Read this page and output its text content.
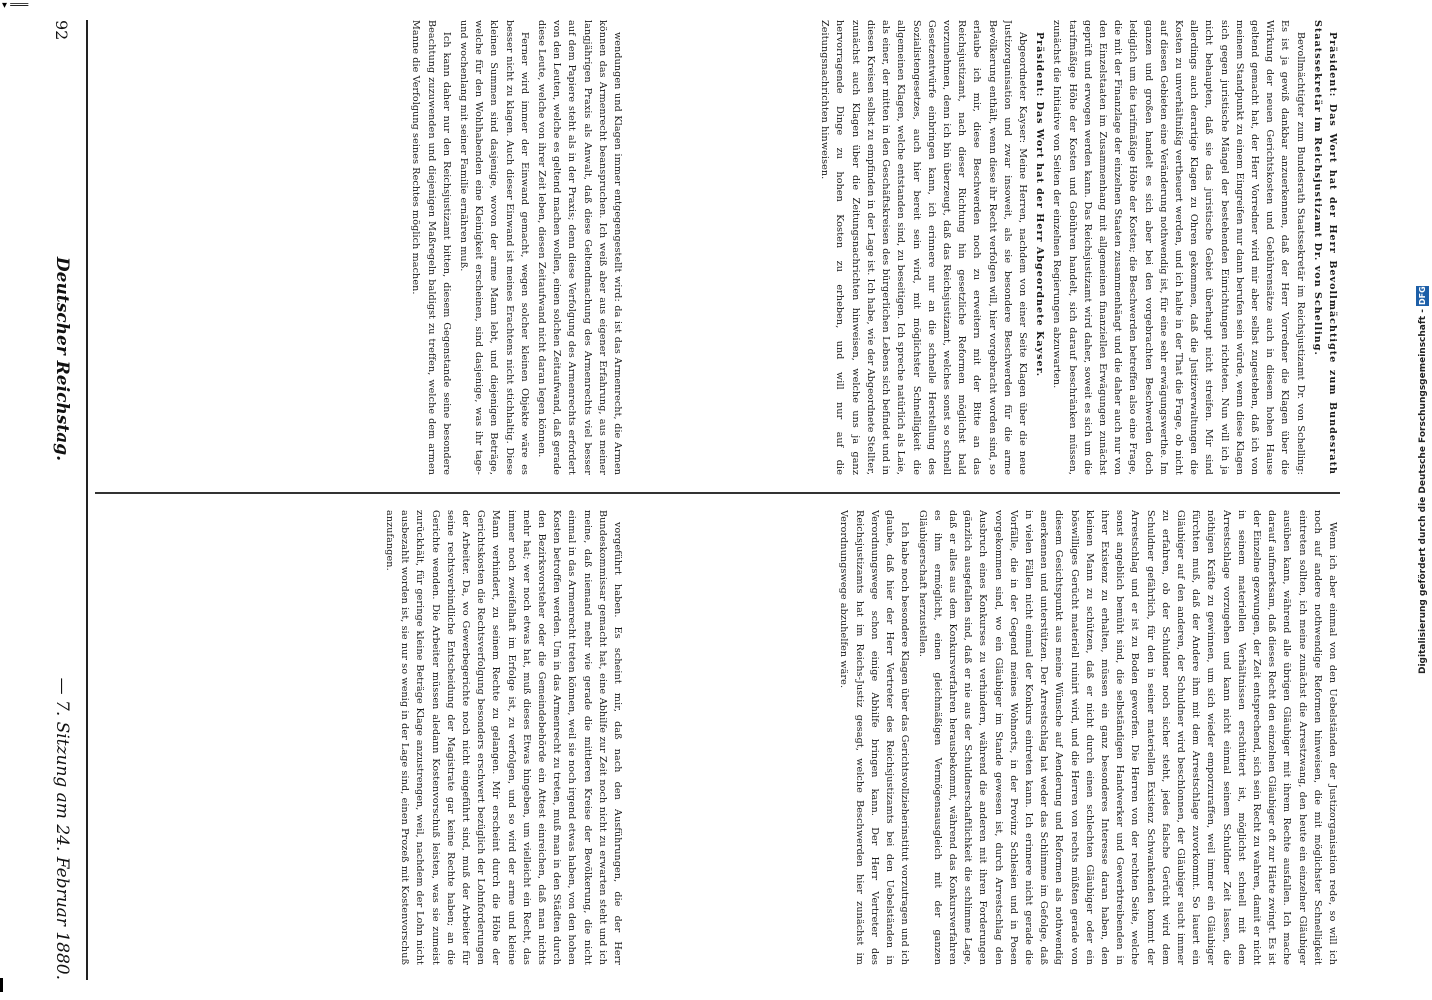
▾ ═══
92
Deutscher Reichstag.
— 7. Sitzung am 24. Februar 1880.

wendungen und Klagen immer entgegengestellt wird: da ist das Armenrecht, die Armen können das Armenrecht beanspruchen. Ich weiß aber aus eigener Erfahrung, aus meiner langjährigen Praxis als Anwalt, daß diese Geltendmachung des Armenrechts viel besser auf dem Papiere steht als in der Praxis; denn diese Verfolgung des Armenrechts erfordert von den Leuten, welche es geltend machen wollen, einen solchen Zeitaufwand, daß gerade diese Leute, welche von ihrer Zeit leben, diesen Zeitaufwand nicht daran legen können.

Ferner wird immer der Einwand gemacht, wegen solcher kleinen Objekte wäre es besser nicht zu klagen. Auch dieser Einwand ist meines Erachtens nicht stichhaltig. Diese kleinen Summen sind dasjenige, wovon der arme Mann lebt, und diejenigen Beträge, welche für den Wohlhabenden eine Kleinigkeit erscheinen, sind dasjenige, was ihr tage- und wochenlang mit seiner Familie ernähren muß.

Ich kann daher nur den Reichsjustizamt bitten, diesem Gegenstande seine besondere Beachtung zuzuwenden und diejenigen Maßregeln baldigst zu treffen, welche dem armen Manne die Verfolgung seines Rechtes möglich machen.	Präsident: Das Wort hat der Herr Bevollmächtigte zum Bundesrath Staatssekretär im Reichsjustizamt Dr. von Schelling.

Bevollmächtigter zum Bundesrath Staatssekretär im Reichsjustizamt Dr. von Schelling: Es ist ja gewiß dankbar anzuerkennen, daß der Herr Vorredner die Klagen über die Wirkung der neuen Gerichtskosten und Gebührensätze auch in diesem hohen Hause geltend gemacht hat, der Herr Vorredner wird mir aber selbst zugestehen, daß ich von meinem Standpunkt zu einem Eingreifen nur dann berufen sein würde, wenn diese Klagen sich gegen juristische Mängel der bestehenden Einrichtungen richteten. Nun will ich ja nicht behaupten, daß sie das juristische Gebiet überhaupt nicht streifen. Mir sind allerdings auch derartige Klagen zu Ohren gekommen, daß die Justizverwaltungen die Kosten zu unverhältnißig vertheuert werden, und ich halte in der That die Frage, ob nicht auf diesen Gebieten eine Veränderung nothwendig ist, für eine sehr erwägungswerthe. Im ganzen und großen handelt es sich aber bei den vorgebrachten Beschwerden doch lediglich um die tarifmäßige Höhe der Kosten; die Beschwerden betreffen also eine Frage, die mit der Finanzlage der einzelnen Staaten zusammenhängt und die daher auch nur von den Einzelstaaten im Zusammenhang mit allgemeinen finanziellen Erwägungen zunächst geprüft und erwogen werden kann. Das Reichsjustizamt wird daher, soweit es sich um die tarifmäßige Höhe der Kosten und Gebühren handelt, sich darauf beschränken müssen, zunächst die Initiative von Seiten der einzelnen Regierungen abzuwarten.

Präsident: Das Wort hat der Herr Abgeordnete Kayser.

Abgeordneter Kayser: Meine Herren, nachdem von einer Seite Klagen über die neue Justizorganisation und zwar insoweit, als sie besondere Beschwerden für die arme Bevölkerung enthält, wenn diese ihr Recht verfolgen will, hier vorgebracht worden sind, so erlaube ich mir, diese Beschwerden noch zu erweitern mit der Bitte an das Reichsjustizamt, nach dieser Richtung hin gesetzliche Reformen möglichst bald vorzunehmen, denn ich bin überzeugt, daß das Reichsjustizamt, welches sonst so schnell Gesetzentwürfe einbringen kann, ich erinnere nur an die schnelle Herstellung des Sozialistengesetzes, auch hier bereit sein wird, mit möglichster Schnelligkeit die allgemeinen Klagen, welche entstanden sind, zu beseitigen. Ich spreche natürlich als Laie, als einer, der mitten in den Geschäftskreisen des bürgerlichen Lebens sich befindet und in diesen Kreisen selbst zu empfinden in der Lage ist. Ich habe, wie der Abgeordnete Stellter, zunächst auch Klagen über die Zeitungsnachrichten hinweisen, welche uns ja ganz hervorragende Dinge zu hohen Kosten zu erheben, und will nur auf die Zeitungsnachrichten hinweisen.

vorgeführt haben. Es scheint mir, daß nach den Ausführungen, die der Herr Bundeskommissar gemacht hat, eine Abhilfe zur Zeit noch nicht zu erwarten steht und ich meine, daß niemand mehr wie gerade die mittleren Kreise der Bevölkerung, die nicht einmal in das Armenrecht treten können, weil sie noch irgend etwas haben, von den hohen Kosten betroffen werden. Um in das Armenrecht zu treten, muß man in den Städten durch den Bezirksvorsteher oder die Gemeindebehörde ein Attest einreichen, daß man nichts mehr hat; wer noch etwas hat, muß dieses Etwas hingeben, um vielleicht ein Recht, das immer noch zweifelhaft im Erfolge ist, zu verfolgen, und so wird der arme und kleine Mann verhindert, zu seinem Rechte zu gelangen. Mir erscheint durch die Höhe der Gerichtskosten die Rechtsverfolgung besonders erschwert bezüglich der Lohnforderungen der Arbeiter. Da, wo Gewerbegerichte noch nicht eingeführt sind, muß der Arbeiter für seine rechtsverbindliche Entscheidung der Magistrate gar keine Rechte haben; an die Gerichte wenden. Die Arbeiter müssen aledann Kostenvorschuß leisten, was sie zumeist zurückhält, für geringe kleine Beträge Klage anzustrengen, weil, nachdem der Lohn nicht ausbezahlt worden ist, sie nur so wenig in der Lage sind, einen Prozeß mit Kostenvorschuß anzufangen.	Wenn ich aber einmal von den Uebelständen der Justizorganisation rede, so will ich noch auf andere nothwendige Reformen hinweisen, die mit möglichster Schnelligkeit eintreten sollten, ich meine zunächst die Arrestzwang, den heute ein einzelner Gläubiger ausüben kann, während alle übrigen Gläubiger mit ihrem Rechte ausfallen. Ich mache darauf aufmerksam, daß dieses Recht den einzelnen Gläubiger oft zur Härte zwingt. Es ist der Einzelne gezwungen, der Zeit entsprechend, sich sein Recht zu wahren, damit er nicht in seinem materiellen Verhältnissen erschüttert ist, möglichst schnell mit dem Arrestschlage vorzugehen und kann nicht einmal seinem Schuldner Zeit lassen, die nöthigen Kräfte zu gewinnen, um sich wieder emporzuraffen, weil immer ein Gläubiger fürchten muß, daß der Andere ihm mit dem Arrestschlage zuvorkommt. So lauert ein Gläubiger auf den anderen, der Schuldner wird beschlonnen, der Gläubiger sucht immer zu erfahren, ob der Schuldner noch sicher steht, jedes falsche Gerücht wird dem Schuldner gefährlich, für den in seiner materiellen Existenz Schwankenden kommt der Arrestschlag und er ist zu Boden geworfen. Die Herren von der rechten Seite, welche sonst angeblich bemüht sind, die selbständigen Handwerker und Gewerbtreibenden in ihrer Existenz zu erhalten, müssen ein ganz besonderes Interesse daran haben, den kleinen Mann zu schützen, daß er nicht durch einen schlechten Gläubiger oder ein böswilliges Gerücht materiell ruinirt wird, und die Herren von rechts müßten gerade von diesem Gesichtspunkt aus meine Wünsche auf Aenderung und Reformen als nothwendig anerkennen und unterstützen. Der Arrestschlag hat weder das Schlimme im Gefolge, daß in vielen Fällen nicht einmal der Konkurs eintreten kann. Ich erinnere nicht gerade die Vorfälle, die in der Gegend meines Wohnorts, in der Provinz Schlesien und in Posen vorgekommen sind, wo ein Gläubiger im Stande gewesen ist, durch Arrestschlag den Ausbruch eines Konkurses zu verhindern, während die anderen mit ihren Forderungen gänzlich ausgefallen sind, daß er nie aus der Schuldnerschaftlichkeit die schlimme Lage, daß er alles aus dem Konkursverfahren herausbekommt, während das Konkursverfahren es ihm ermöglicht, einen gleichmäßigen Vermögensausgleich mit der ganzen Gläubigerschaft herzustellen.

Ich habe noch besondere Klagen über das Gerichtsvollzieherinstitut vorzutragen und ich glaube, daß hier der Herr Vertreter des Reichsjustizamts bei den Uebelständen in Verordnungswege schon einige Abhilfe bringen kann. Der Herr Vertreter des Reichsjustizamts hat im Reichs-Justiz gesagt, welche Beschwerden hier zunächst im Verordnungswege abzuhelfen wäre.	Digitalisierung gefördert durch die Deutsche Forschungsgemeinschaft - DFG
